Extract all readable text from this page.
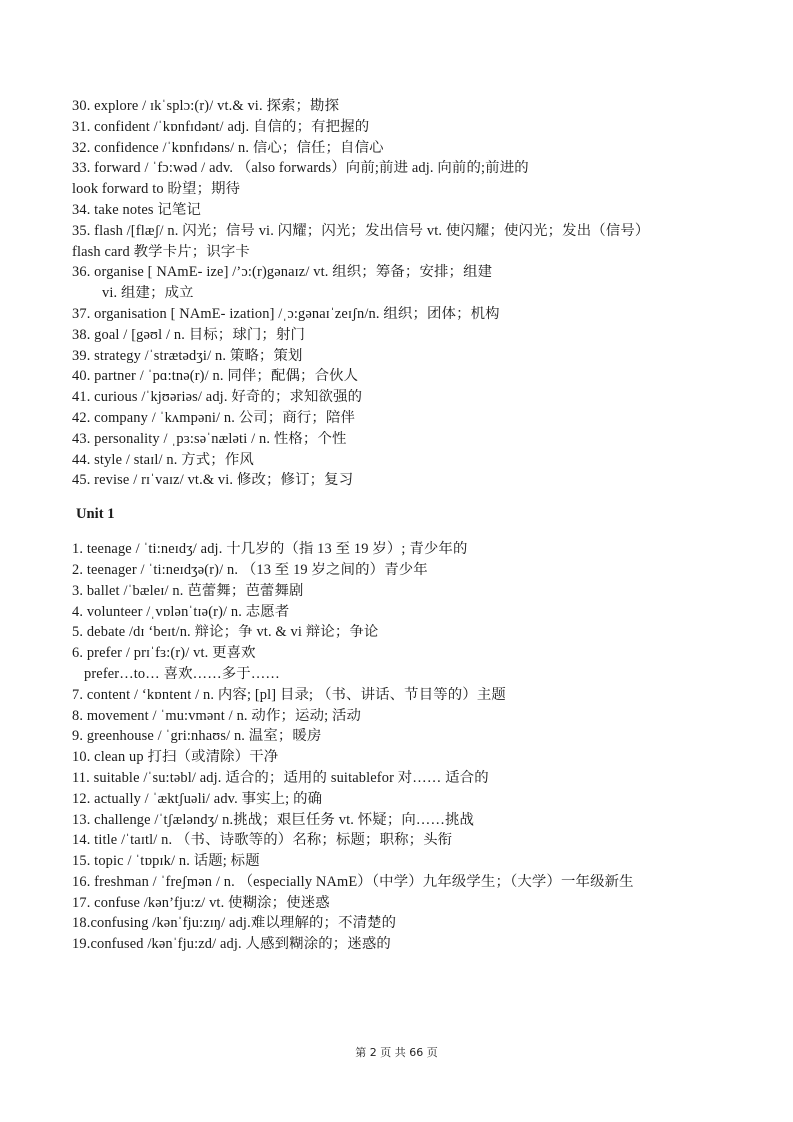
30. explore / ɪkˈsplɔ:(r)/ vt.& vi. 探索；勘探
31. confident /ˈkɒnfɪdənt/ adj. 自信的；有把握的
32. confidence /ˈkɒnfɪdəns/ n. 信心；信任；自信心
33. forward / ˈfɔ:wəd / adv. （also forwards）向前;前进 adj. 向前的;前进的
look forward to 盼望；期待
34. take notes 记笔记
35. flash /[flæʃ/ n. 闪光；信号 vi. 闪耀；闪光；发出信号 vt. 使闪耀；使闪光；发出（信号）
flash card 教学卡片；识字卡
36. organise [ NAmE- ize] /’ɔ:(r)gənaɪz/ vt. 组织；筹备；安排；组建
vi. 组建；成立
37. organisation [ NAmE- ization] /ˌɔ:gənaɪˈzeɪʃn/n. 组织；团体；机构
38. goal / [gəʊl / n. 目标；球门；射门
39. strategy /ˈstrætədʒi/ n. 策略；策划
40. partner / ˈpɑ:tnə(r)/ n. 同伴；配偶；合伙人
41. curious /ˈkjʊəriəs/ adj. 好奇的；求知欲强的
42. company / ˈkʌmpəni/ n. 公司；商行；陪伴
43. personality / ˌpɜ:səˈnæləti / n. 性格；个性
44. style / staɪl/ n. 方式；作风
45. revise / rɪˈvaɪz/ vt.& vi. 修改；修订；复习
Unit 1
1. teenage / ˈti:neɪdʒ/ adj. 十几岁的（指 13 至 19 岁）; 青少年的
2. teenager / ˈti:neɪdʒə(r)/ n. （13 至 19 岁之间的）青少年
3. ballet /ˈbæleɪ/ n. 芭蕾舞；芭蕾舞剧
4. volunteer /ˌvɒlənˈtɪə(r)/ n. 志愿者
5. debate /dɪ ‘beɪt/n. 辩论；争 vt. & vi 辩论；争论
6. prefer / prɪˈfɜ:(r)/ vt. 更喜欢
prefer…to… 喜欢……多于……
7. content / ‘kɒntent / n. 内容; [pl] 目录; （书、讲话、节目等的）主题
8. movement / ˈmu:vmənt / n. 动作；运动; 活动
9. greenhouse / ˈgri:nhaʊs/ n. 温室；暖房
10. clean up 打扫（或清除）干净
11. suitable /ˈsu:təbl/ adj. 适合的；适用的 suitablefor 对…… 适合的
12. actually / ˈæktʃuəli/ adv. 事实上; 的确
13. challenge /ˈtʃæləndʒ/ n.挑战；艰巨任务 vt. 怀疑；向……挑战
14. title /ˈtaɪtl/ n. （书、诗歌等的）名称；标题；职称；头衔
15. topic / ˈtɒpɪk/ n. 话题; 标题
16. freshman / ˈfreʃmən / n. （especially NAmE）（中学）九年级学生；（大学）一年级新生
17. confuse /kən’fju:z/ vt. 使糊涂；使迷惑
18.confusing /kənˈfju:zɪŋ/ adj.难以理解的；不清楚的
19.confused /kənˈfju:zd/ adj. 人感到糊涂的；迷惑的
第 2 页 共 66 页
